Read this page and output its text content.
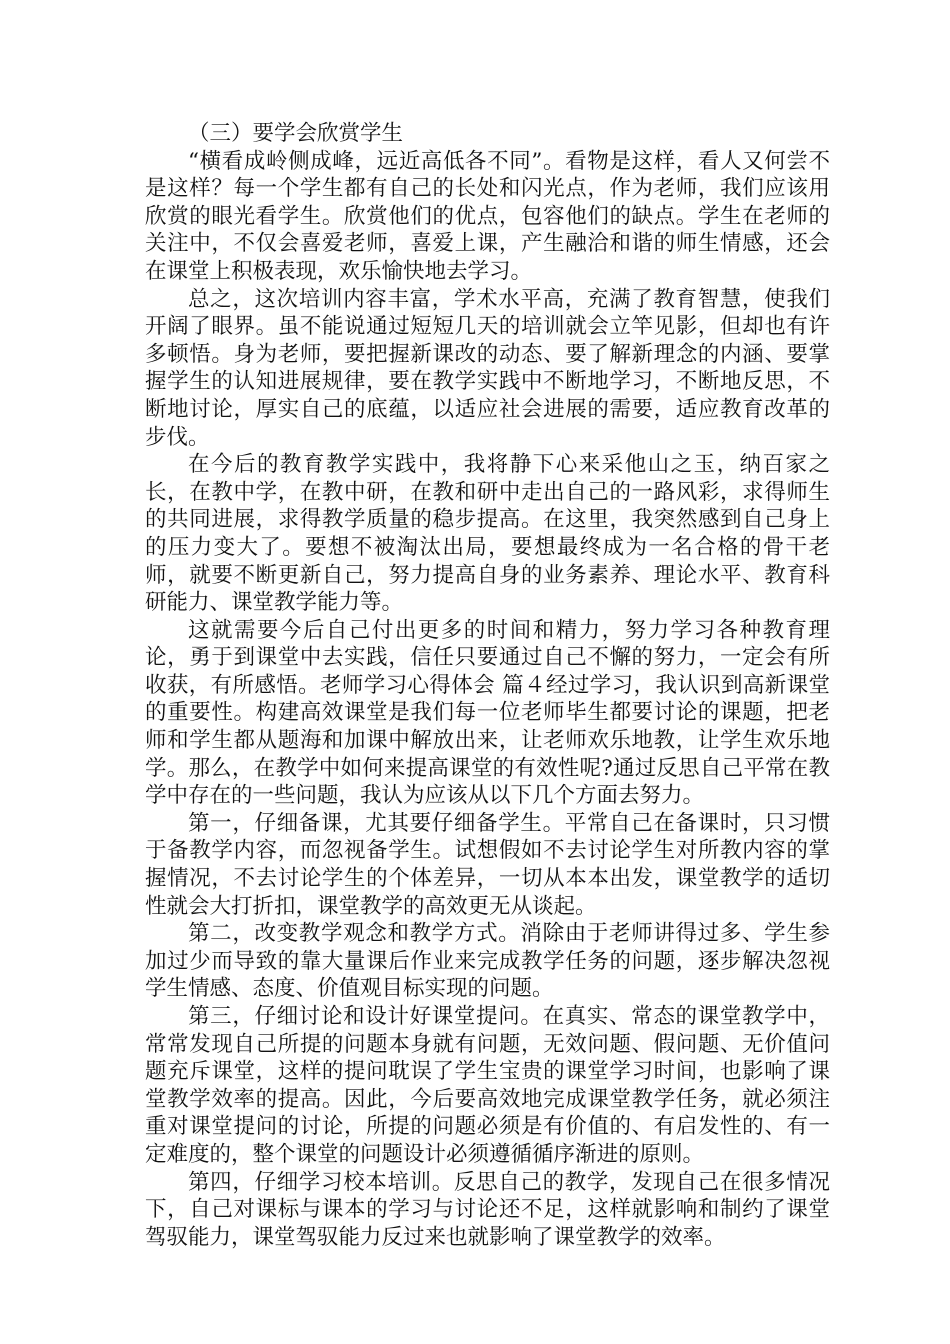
（三）要学会欣赏学生

“横看成岭侧成峰，远近高低各不同”。看物是这样，看人又何尝不是这样？每一个学生都有自己的长处和闪光点，作为老师，我们应该用欣赏的眼光看学生。欣赏他们的优点，包容他们的缺点。学生在老师的关注中，不仅会喜爱老师，喜爱上课，产生融洽和谐的师生情感，还会在课堂上积极表现，欢乐愉快地去学习。

总之，这次培训内容丰富，学术水平高，充满了教育智慧，使我们开阔了眼界。虽不能说通过短短几天的培训就会立竿见影，但却也有许多顿悟。身为老师，要把握新课改的动态、要了解新理念的内涵、要掌握学生的认知进展规律，要在教学实践中不断地学习，不断地反思，不断地讨论，厚实自己的底蕴，以适应社会进展的需要，适应教育改革的步伐。

在今后的教育教学实践中，我将静下心来采他山之玉，纳百家之长，在教中学，在教中研，在教和研中走出自己的一路风彩，求得师生的共同进展，求得教学质量的稳步提高。在这里，我突然感到自己身上的压力变大了。要想不被淘汰出局，要想最终成为一名合格的骨干老师，就要不断更新自己，努力提高自身的业务素养、理论水平、教育科研能力、课堂教学能力等。

这就需要今后自己付出更多的时间和精力，努力学习各种教育理论，勇于到课堂中去实践，信任只要通过自己不懈的努力，一定会有所收获，有所感悟。老师学习心得体会 篇４经过学习，我认识到高新课堂的重要性。构建高效课堂是我们每一位老师毕生都要讨论的课题，把老师和学生都从题海和加课中解放出来，让老师欢乐地教，让学生欢乐地学。那么，在教学中如何来提高课堂的有效性呢?通过反思自己平常在教学中存在的一些问题，我认为应该从以下几个方面去努力。

第一，仔细备课，尤其要仔细备学生。平常自己在备课时，只习惯于备教学内容，而忽视备学生。试想假如不去讨论学生对所教内容的掌握情况，不去讨论学生的个体差异，一切从本本出发，课堂教学的适切性就会大打折扣，课堂教学的高效更无从谈起。

第二，改变教学观念和教学方式。消除由于老师讲得过多、学生参加过少而导致的靠大量课后作业来完成教学任务的问题，逐步解决忽视学生情感、态度、价值观目标实现的问题。

第三，仔细讨论和设计好课堂提问。在真实、常态的课堂教学中，常常发现自己所提的问题本身就有问题，无效问题、假问题、无价值问题充斥课堂，这样的提问耽误了学生宝贵的课堂学习时间，也影响了课堂教学效率的提高。因此，今后要高效地完成课堂教学任务，就必须注重对课堂提问的讨论，所提的问题必须是有价值的、有启发性的、有一定难度的，整个课堂的问题设计必须遵循循序渐进的原则。

第四，仔细学习校本培训。反思自己的教学，发现自己在很多情况下，自己对课标与课本的学习与讨论还不足，这样就影响和制约了课堂驾驭能力，课堂驾驭能力反过来也就影响了课堂教学的效率。
